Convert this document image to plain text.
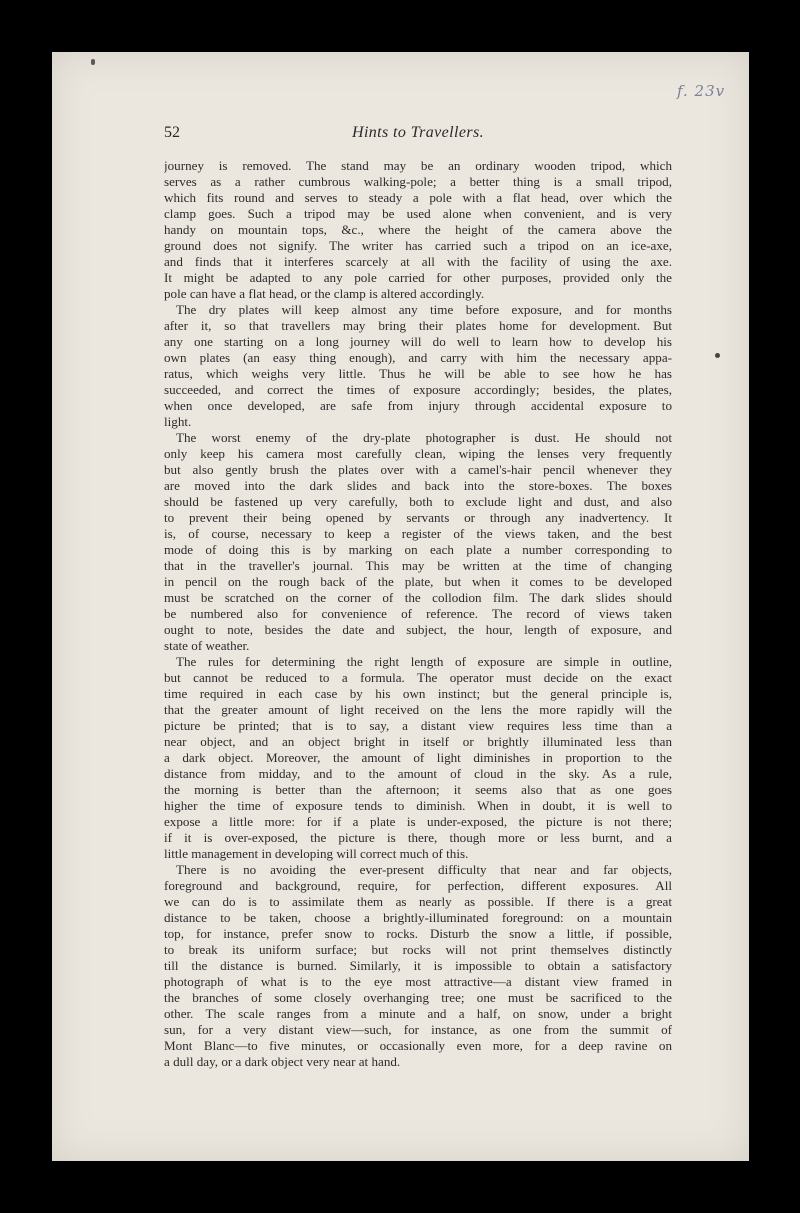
f. 23v
52	Hints to Travellers.
journey is removed. The stand may be an ordinary wooden tripod, which
serves as a rather cumbrous walking-pole; a better thing is a small tripod,
which fits round and serves to steady a pole with a flat head, over which the
clamp goes. Such a tripod may be used alone when convenient, and is very
handy on mountain tops, &c., where the height of the camera above the
ground does not signify. The writer has carried such a tripod on an ice-axe,
and finds that it interferes scarcely at all with the facility of using the axe.
It might be adapted to any pole carried for other purposes, provided only the
pole can have a flat head, or the clamp is altered accordingly.
The dry plates will keep almost any time before exposure, and for months
after it, so that travellers may bring their plates home for development. But
any one starting on a long journey will do well to learn how to develop his
own plates (an easy thing enough), and carry with him the necessary appa-
ratus, which weighs very little. Thus he will be able to see how he has
succeeded, and correct the times of exposure accordingly; besides, the plates,
when once developed, are safe from injury through accidental exposure to
light.
The worst enemy of the dry-plate photographer is dust. He should not
only keep his camera most carefully clean, wiping the lenses very frequently
but also gently brush the plates over with a camel's-hair pencil whenever they
are moved into the dark slides and back into the store-boxes. The boxes
should be fastened up very carefully, both to exclude light and dust, and also
to prevent their being opened by servants or through any inadvertency. It
is, of course, necessary to keep a register of the views taken, and the best
mode of doing this is by marking on each plate a number corresponding to
that in the traveller's journal. This may be written at the time of changing
in pencil on the rough back of the plate, but when it comes to be developed
must be scratched on the corner of the collodion film. The dark slides should
be numbered also for convenience of reference. The record of views taken
ought to note, besides the date and subject, the hour, length of exposure, and
state of weather.
The rules for determining the right length of exposure are simple in outline,
but cannot be reduced to a formula. The operator must decide on the exact
time required in each case by his own instinct; but the general principle is,
that the greater amount of light received on the lens the more rapidly will the
picture be printed; that is to say, a distant view requires less time than a
near object, and an object bright in itself or brightly illuminated less than
a dark object. Moreover, the amount of light diminishes in proportion to the
distance from midday, and to the amount of cloud in the sky. As a rule,
the morning is better than the afternoon; it seems also that as one goes
higher the time of exposure tends to diminish. When in doubt, it is well to
expose a little more: for if a plate is under-exposed, the picture is not there;
if it is over-exposed, the picture is there, though more or less burnt, and a
little management in developing will correct much of this.
There is no avoiding the ever-present difficulty that near and far objects,
foreground and background, require, for perfection, different exposures. All
we can do is to assimilate them as nearly as possible. If there is a great
distance to be taken, choose a brightly-illuminated foreground: on a mountain
top, for instance, prefer snow to rocks. Disturb the snow a little, if possible,
to break its uniform surface; but rocks will not print themselves distinctly
till the distance is burned. Similarly, it is impossible to obtain a satisfactory
photograph of what is to the eye most attractive—a distant view framed in
the branches of some closely overhanging tree; one must be sacrificed to the
other. The scale ranges from a minute and a half, on snow, under a bright
sun, for a very distant view—such, for instance, as one from the summit of
Mont Blanc—to five minutes, or occasionally even more, for a deep ravine on
a dull day, or a dark object very near at hand.
